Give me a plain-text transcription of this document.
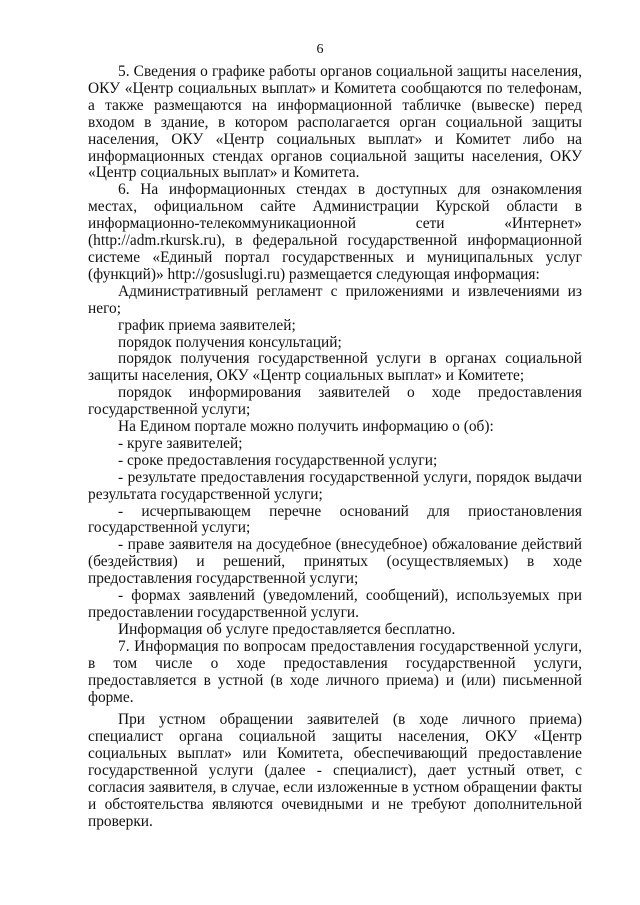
6

5. Сведения о графике работы органов социальной защиты населения, ОКУ «Центр социальных выплат» и Комитета сообщаются по телефонам, а также размещаются на информационной табличке (вывеске) перед входом в здание, в котором располагается орган социальной защиты населения, ОКУ «Центр социальных выплат» и Комитет либо на информационных стендах органов социальной защиты населения, ОКУ «Центр социальных выплат» и Комитета.

6. На информационных стендах в доступных для ознакомления местах, официальном сайте Администрации Курской области в информационно-телекоммуникационной сети «Интернет» (http://adm.rkursk.ru), в федеральной государственной информационной системе «Единый портал государственных и муниципальных услуг (функций)» http://gosuslugi.ru) размещается следующая информация:

Административный регламент с приложениями и извлечениями из него;

график приема заявителей;

порядок получения консультаций;

порядок получения государственной услуги в органах социальной защиты населения, ОКУ «Центр социальных выплат» и Комитете;

порядок информирования заявителей о ходе предоставления государственной услуги;

На Едином портале можно получить информацию о (об):

- круге заявителей;

- сроке предоставления государственной услуги;

- результате предоставления государственной услуги, порядок выдачи результата государственной услуги;

- исчерпывающем перечне оснований для приостановления государственной услуги;

- праве заявителя на досудебное (внесудебное) обжалование действий (бездействия) и решений, принятых (осуществляемых) в ходе предоставления государственной услуги;

- формах заявлений (уведомлений, сообщений), используемых при предоставлении государственной услуги.

Информация об услуге предоставляется бесплатно.

7. Информация по вопросам предоставления государственной услуги, в том числе о ходе предоставления государственной услуги, предоставляется в устной (в ходе личного приема) и (или) письменной форме.

При устном обращении заявителей (в ходе личного приема) специалист органа социальной защиты населения, ОКУ «Центр социальных выплат» или Комитета, обеспечивающий предоставление государственной услуги (далее - специалист), дает устный ответ, с согласия заявителя, в случае, если изложенные в устном обращении факты и обстоятельства являются очевидными и не требуют дополнительной проверки.
